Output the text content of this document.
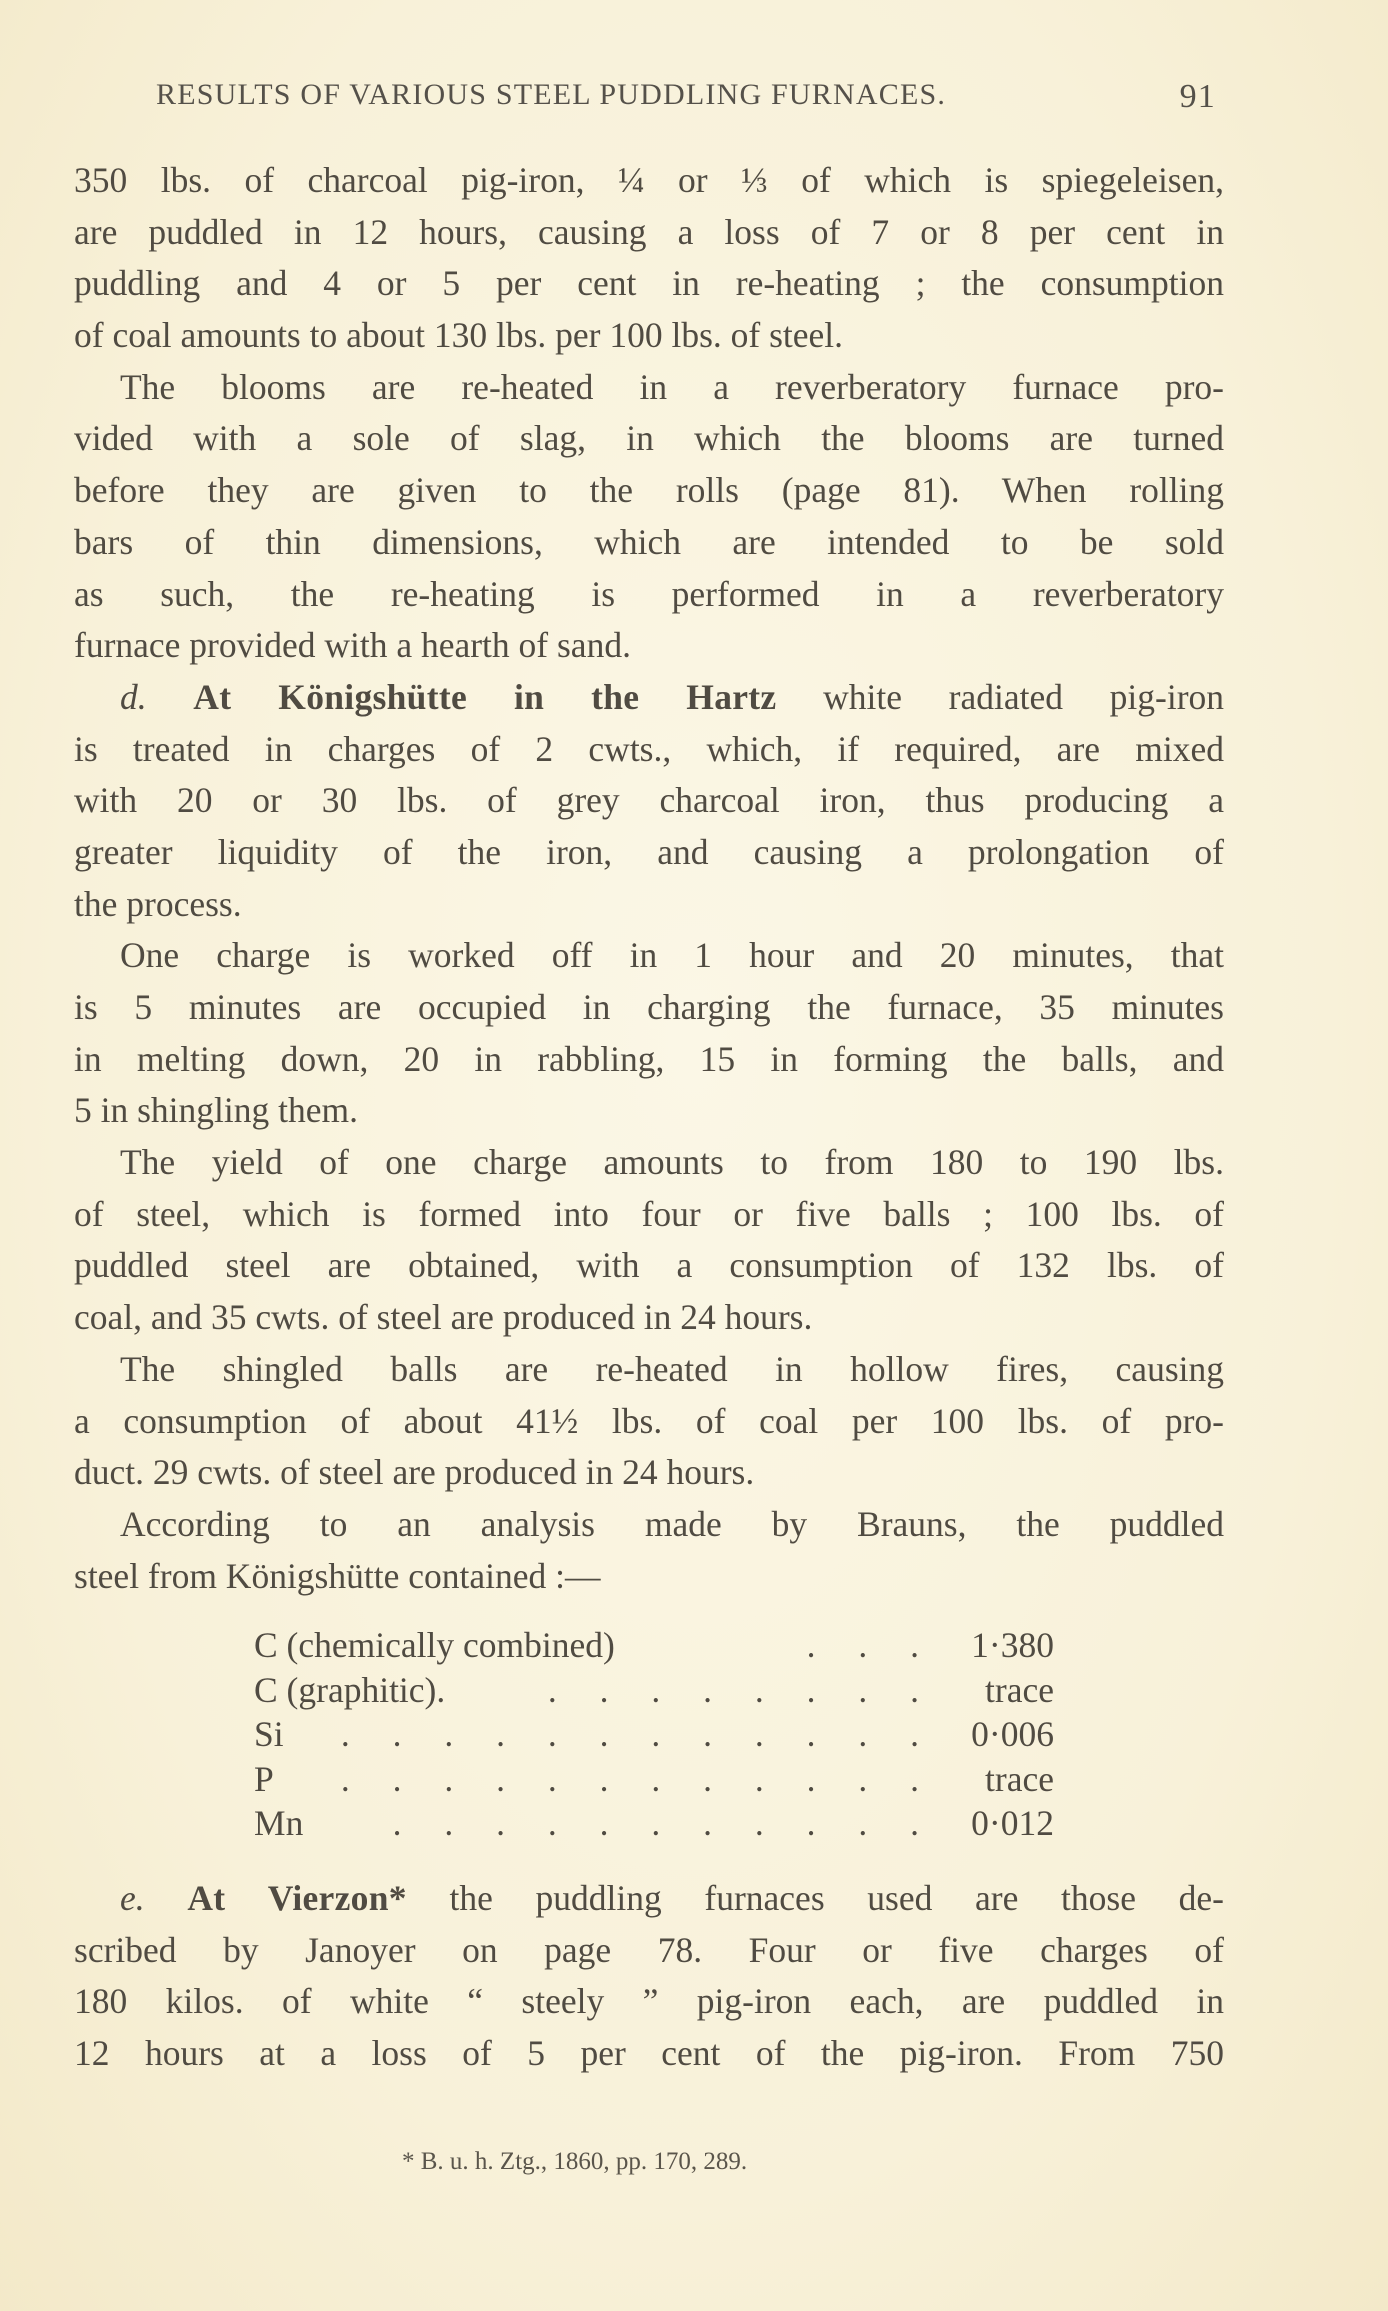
RESULTS OF VARIOUS STEEL PUDDLING FURNACES.	91
350 lbs. of charcoal pig-iron, ¼ or ⅓ of which is spiegeleisen,
are puddled in 12 hours, causing a loss of 7 or 8 per cent in
puddling and 4 or 5 per cent in re-heating ; the consumption
of coal amounts to about 130 lbs. per 100 lbs. of steel.
The blooms are re-heated in a reverberatory furnace pro-
vided with a sole of slag, in which the blooms are turned
before they are given to the rolls (page 81). When rolling
bars of thin dimensions, which are intended to be sold
as such, the re-heating is performed in a reverberatory
furnace provided with a hearth of sand.
d. At Königshütte in the Hartz white radiated pig-iron
is treated in charges of 2 cwts., which, if required, are mixed
with 20 or 30 lbs. of grey charcoal iron, thus producing a
greater liquidity of the iron, and causing a prolongation of
the process.
One charge is worked off in 1 hour and 20 minutes, that
is 5 minutes are occupied in charging the furnace, 35 minutes
in melting down, 20 in rabbling, 15 in forming the balls, and
5 in shingling them.
The yield of one charge amounts to from 180 to 190 lbs.
of steel, which is formed into four or five balls ; 100 lbs. of
puddled steel are obtained, with a consumption of 132 lbs. of
coal, and 35 cwts. of steel are produced in 24 hours.
The shingled balls are re-heated in hollow fires, causing
a consumption of about 41½ lbs. of coal per 100 lbs. of pro-
duct. 29 cwts. of steel are produced in 24 hours.
According to an analysis made by Brauns, the puddled
steel from Königshütte contained :—
C (chemically combined)	. . . 1·380
C (graphitic).	. . . . . . . .	trace
Si	. . . . . . . . . . . . 0·006
P	. . . . . . . . . . . .	trace
Mn	. . . . . . . . . . . 0·012
e. At Vierzon* the puddling furnaces used are those de-
scribed by Janoyer on page 78. Four or five charges of
180 kilos. of white “ steely ” pig-iron each, are puddled in
12 hours at a loss of 5 per cent of the pig-iron. From 750
* B. u. h. Ztg., 1860, pp. 170, 289.
